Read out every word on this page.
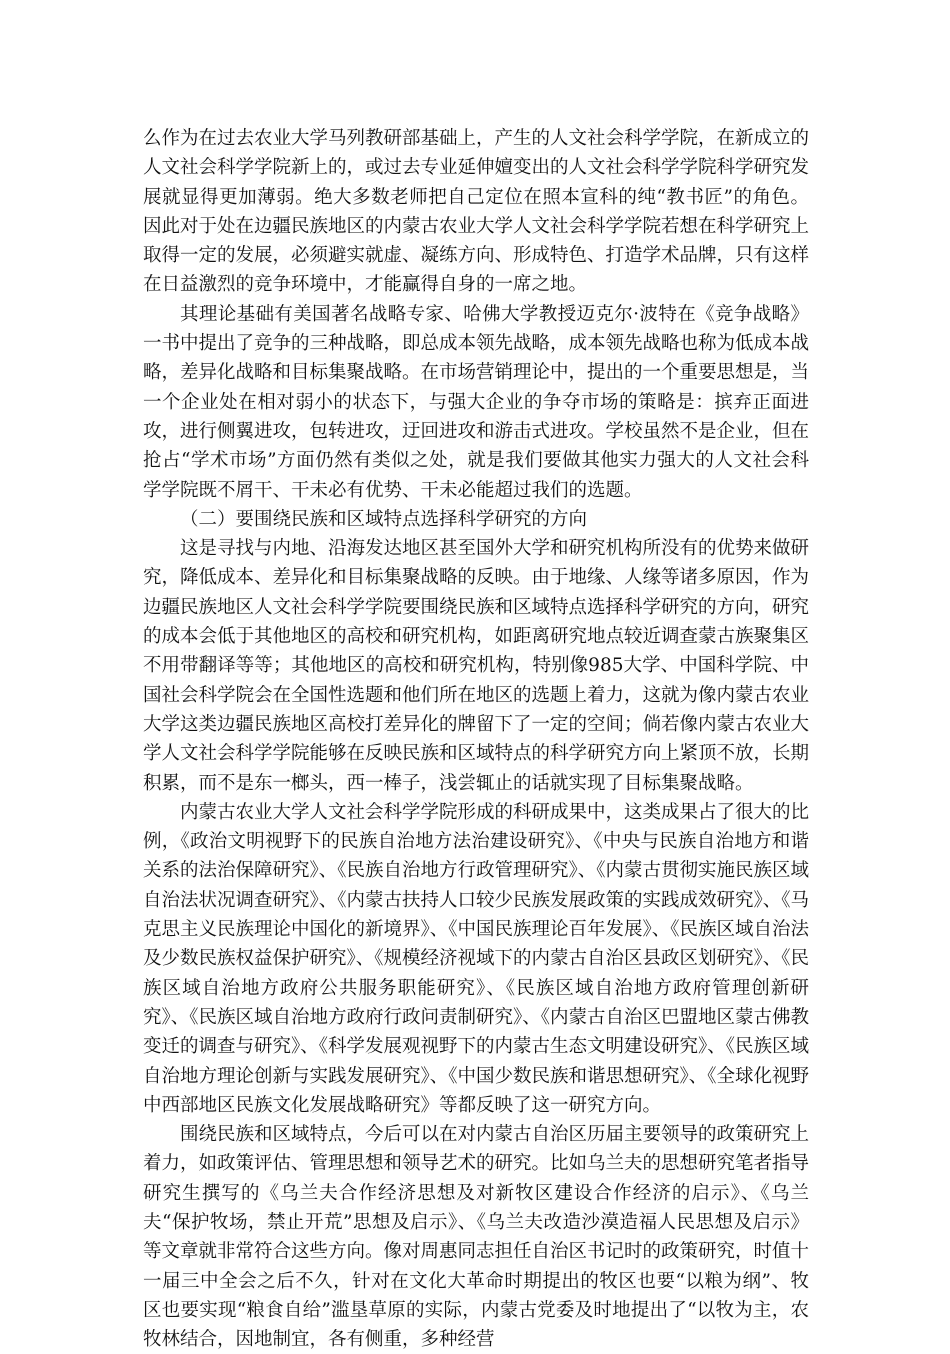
么作为在过去农业大学马列教研部基础上，产生的人文社会科学学院，在新成立的人文社会科学学院新上的，或过去专业延伸嬗变出的人文社会科学学院科学研究发展就显得更加薄弱。绝大多数老师把自己定位在照本宣科的纯“教书匠”的角色。因此对于处在边疆民族地区的内蒙古农业大学人文社会科学学院若想在科学研究上取得一定的发展，必须避实就虚、凝练方向、形成特色、打造学术品牌，只有这样在日益激烈的竞争环境中，才能赢得自身的一席之地。

其理论基础有美国著名战略专家、哈佛大学教授迈克尔·波特在《竞争战略》一书中提出了竞争的三种战略，即总成本领先战略，成本领先战略也称为低成本战略，差异化战略和目标集聚战略。在市场营销理论中，提出的一个重要思想是，当一个企业处在相对弱小的状态下，与强大企业的争夺市场的策略是：摈弃正面进攻，进行侧翼进攻，包转进攻，迂回进攻和游击式进攻。学校虽然不是企业，但在抢占“学术市场”方面仍然有类似之处，就是我们要做其他实力强大的人文社会科学学院既不屑干、干未必有优势、干未必能超过我们的选题。

（二）要围绕民族和区域特点选择科学研究的方向

这是寻找与内地、沿海发达地区甚至国外大学和研究机构所没有的优势来做研究，降低成本、差异化和目标集聚战略的反映。由于地缘、人缘等诸多原因，作为边疆民族地区人文社会科学学院要围绕民族和区域特点选择科学研究的方向，研究的成本会低于其他地区的高校和研究机构，如距离研究地点较近调查蒙古族聚集区不用带翻译等等；其他地区的高校和研究机构，特别像985大学、中国科学院、中国社会科学院会在全国性选题和他们所在地区的选题上着力，这就为像内蒙古农业大学这类边疆民族地区高校打差异化的牌留下了一定的空间；倘若像内蒙古农业大学人文社会科学学院能够在反映民族和区域特点的科学研究方向上紧顶不放，长期积累，而不是东一榔头，西一棒子，浅尝辄止的话就实现了目标集聚战略。

内蒙古农业大学人文社会科学学院形成的科研成果中，这类成果占了很大的比例，《政治文明视野下的民族自治地方法治建设研究》、《中央与民族自治地方和谐关系的法治保障研究》、《民族自治地方行政管理研究》、《内蒙古贯彻实施民族区域自治法状况调查研究》、《内蒙古扶持人口较少民族发展政策的实践成效研究》、《马克思主义民族理论中国化的新境界》、《中国民族理论百年发展》、《民族区域自治法及少数民族权益保护研究》、《规模经济视域下的内蒙古自治区县政区划研究》、《民族区域自治地方政府公共服务职能研究》、《民族区域自治地方政府管理创新研究》、《民族区域自治地方政府行政问责制研究》、《内蒙古自治区巴盟地区蒙古佛教变迁的调查与研究》、《科学发展观视野下的内蒙古生态文明建设研究》、《民族区域自治地方理论创新与实践发展研究》、《中国少数民族和谐思想研究》、《全球化视野中西部地区民族文化发展战略研究》等都反映了这一研究方向。

围绕民族和区域特点，今后可以在对内蒙古自治区历届主要领导的政策研究上着力，如政策评估、管理思想和领导艺术的研究。比如乌兰夫的思想研究笔者指导研究生撰写的《乌兰夫合作经济思想及对新牧区建设合作经济的启示》、《乌兰夫“保护牧场，禁止开荒”思想及启示》、《乌兰夫改造沙漠造福人民思想及启示》等文章就非常符合这些方向。像对周惠同志担任自治区书记时的政策研究，时值十一届三中全会之后不久，针对在文化大革命时期提出的牧区也要“以粮为纲”、牧区也要实现“粮食自给”滥垦草原的实际，内蒙古党委及时地提出了“以牧为主，农牧林结合，因地制宜，各有侧重，多种经营
